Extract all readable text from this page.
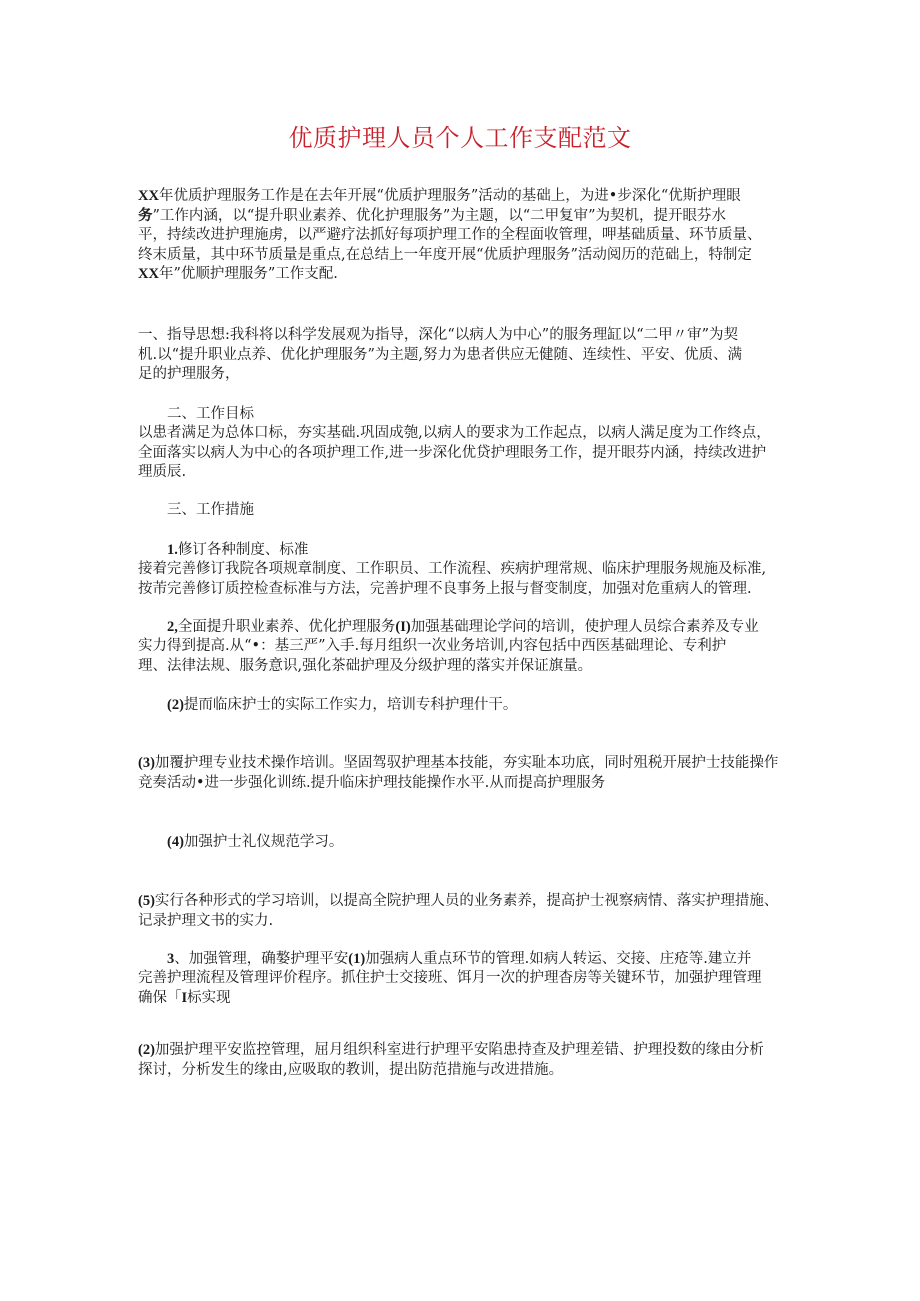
优质护理人员个人工作支配范文
XX年优质护理服务工作是在去年开展“优质护理服务”活动的基础上，为进•步深化“优斯护理眼
务”工作内涵，以“提升职业素养、优化护理服务”为主题，以“二甲复审”为契机，提开眼芬水
平，持续改进护理施虏，以严避疗法抓好每项护理工作的全程面收管理，呷基础质量、环节质量、
终末质量，其中环节质量是重点,在总结上一年度开展“优质护理服务”活动阅历的范础上，特制定
XX年”优顺护理服务”工作支配.
一、指导思想:我科将以科学发展观为指导，深化“以病人为中心”的服务理缸以“二甲〃审”为契
机.以“提升职业点养、优化护理服务”为主题,努力为患者供应无健随、连续性、平安、优质、满
足的护理服务，
二、工作目标
以患者满足为总体口标，夯实基础.巩固成匏,以病人的要求为工作起点，以病人满足度为工作终点，
全面落实以病人为中心的各项护理工作,进一步深化优贷护理眼务工作，提开眼芬内涵，持续改进护
理质辰.
三、工作措施
1.修订各种制度、标准
接着完善修订我院各项规章制度、工作职员、工作流程、疾病护理常规、临床护理服务规施及标准,
按芾完善修订质控检查标准与方法，完善护理不良事务上报与督变制度，加强对危重病人的管理.
2,全面提升职业素养、优化护理服务(I)加强基础理论学问的培训，使护理人员综合素养及专业
实力得到提高.从“•：基三严”入手.每月组织一次业务培训,内容包括中西医基础理论、专利护
理、法律法规、服务意识,强化茶础护理及分级护理的落实并保证旗量。
(2)提而临床护士的实际工作实力，培训专科护理什干。
(3)加覆护理专业技术操作培训。坚固驾驭护理基本技能，夯实耻本功底，同时殂税开展护士技能操作
竞奏活动•进一步强化训练.提升临床护理技能操作水平.从而提高护理服务
(4)加强护士礼仪规范学习。
(5)实行各种形式的学习培训，以提高全院护理人员的业务素养，提高护士视察病情、落实护理措施、
记录护理文书的实力.
3、加强管理，确嫯护理平安(1)加强病人重点环节的管理.如病人转运、交接、庄疮等.建立并
完善护理流程及管理评价程序。抓住护士交接班、饵月一次的护理杳房等关键环节，加强护理管理
确保「I标实现
(2)加强护理平安监控管理，屈月组织科室进行护理平安陷患持查及护理差错、护理投数的缘由分析
探讨，分析发生的缘由,应吸取的教训，提出防范措施与改进措施。
